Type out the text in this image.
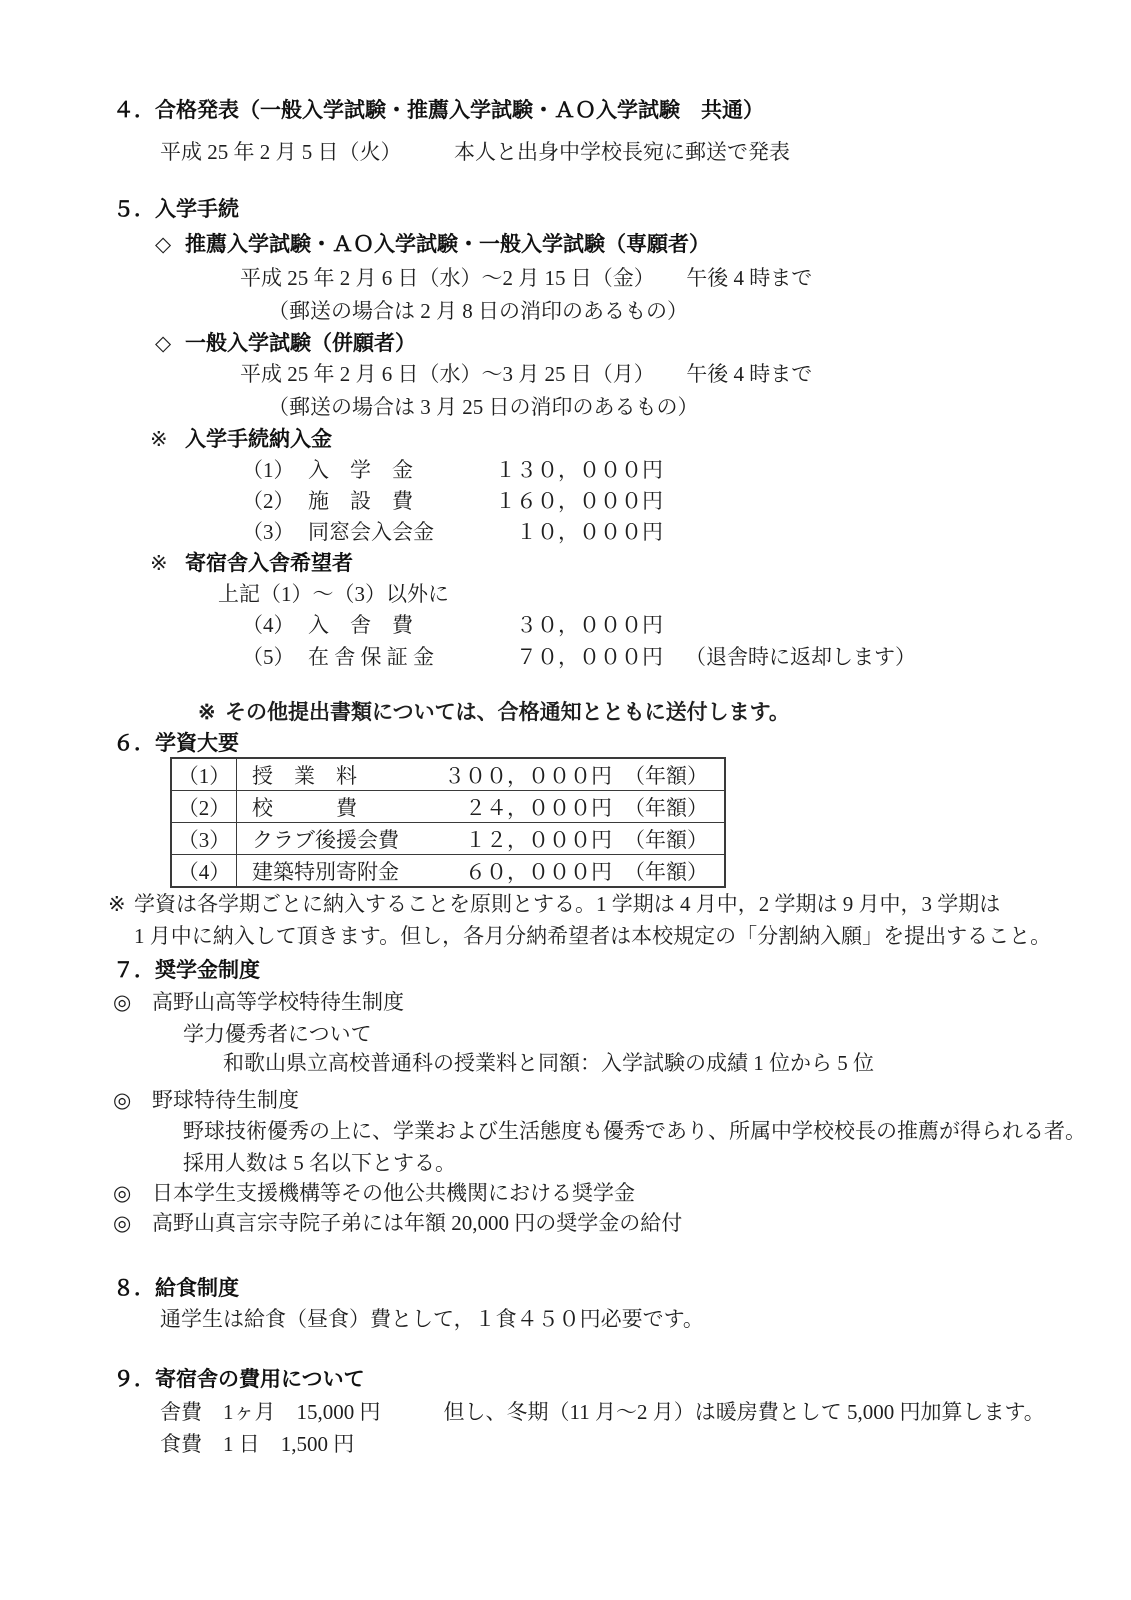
４．合格発表（一般入学試験・推薦入学試験・ＡＯ入学試験　共通）
平成 25 年 2 月 5 日（火）　　　本人と出身中学校長宛に郵送で発表
５．入学手続
◇ 推薦入学試験・ＡＯ入学試験・一般入学試験（専願者）
平成 25 年 2 月 6 日（水）～2 月 15 日（金）　　午後 4 時まで
（郵送の場合は 2 月 8 日の消印のあるもの）
◇ 一般入学試験（併願者）
平成 25 年 2 月 6 日（水）～3 月 25 日（月）　　午後 4 時まで
（郵送の場合は 3 月 25 日の消印のあるもの）
※ 入学手続納入金
（1） 入　学　金	１３０，０００円
（2） 施　設　費	１６０，０００円
（3） 同窓会入会金	１０，０００円
※ 寄宿舎入舎希望者
上記（1）～（3）以外に
（4） 入　舎　費	３０，０００円
（5） 在 舎 保 証 金	７０，０００円 （退舎時に返却します）
※ その他提出書類については、合格通知とともに送付します。
６．学資大要
（1）	授　業　料	３００，０００円 （年額）
（2）	校　　　費	２４，０００円 （年額）
（3）	クラブ後援会費	１２，０００円 （年額）
（4）	建築特別寄附金	６０，０００円 （年額）
※ 学資は各学期ごとに納入することを原則とする。1 学期は 4 月中，2 学期は 9 月中，3 学期は
1 月中に納入して頂きます。但し，各月分納希望者は本校規定の「分割納入願」を提出すること。
７．奨学金制度
◎ 高野山高等学校特待生制度
学力優秀者について
和歌山県立高校普通科の授業料と同額：入学試験の成績 1 位から 5 位
◎ 野球特待生制度
野球技術優秀の上に、学業および生活態度も優秀であり、所属中学校校長の推薦が得られる者。
採用人数は 5 名以下とする。
◎ 日本学生支援機構等その他公共機関における奨学金
◎ 高野山真言宗寺院子弟には年額 20,000 円の奨学金の給付
８．給食制度
通学生は給食（昼食）費として，１食４５０円必要です。
９．寄宿舎の費用について
舎費　1ヶ月　15,000 円　　　但し、冬期（11 月～2 月）は暖房費として 5,000 円加算します。
食費　1 日　1,500 円
